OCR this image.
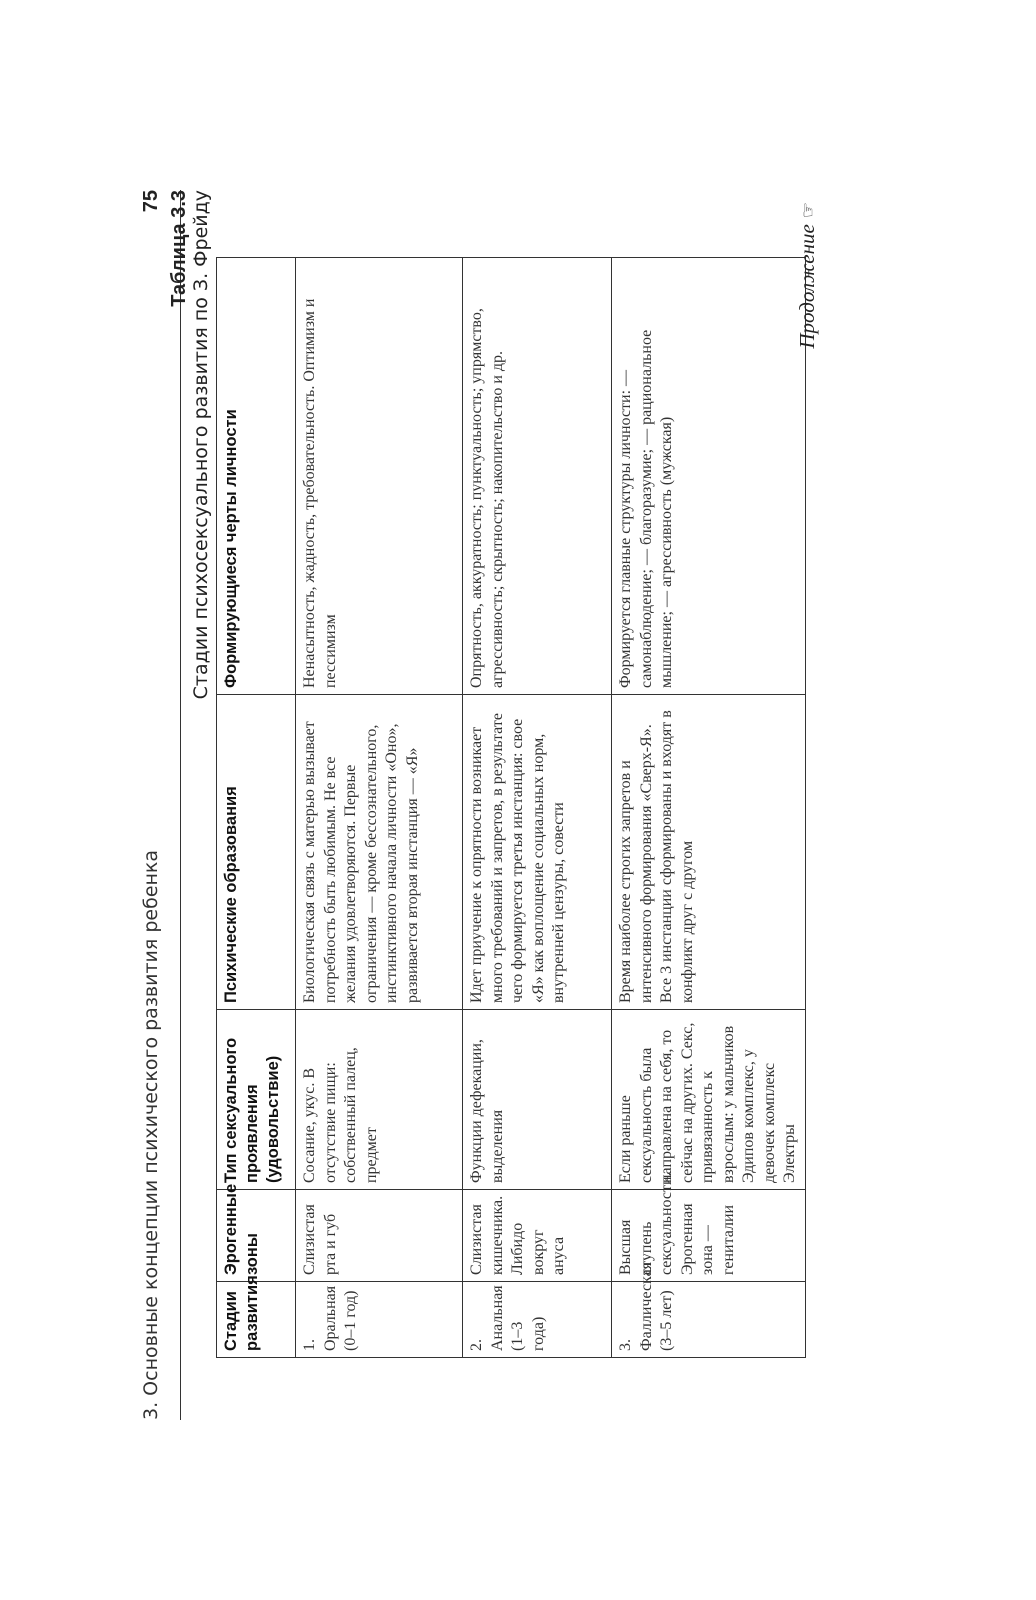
3. Основные концепции психического развития ребенка
75 Таблица 3.3 Стадии психосексуального развития по З. Фрейду
Стадии развития	Эрогенные зоны	Тип сексуального проявления (удовольствие)	Психические образования	Формирующиеся черты личности
1. Оральная (0–1 год)	Слизистая рта и губ	Сосание, укус. В отсутствие пищи: собственный палец, предмет	Биологическая связь с матерью вызывает потребность быть любимым. Не все желания удовлетворяются. Первые ограничения — кроме бессознательного, инстинктивного начала личности «Оно», развивается вторая инстанция — «Я»	Ненасытность, жадность, требовательность. Оптимизм и пессимизм
2. Анальная (1–3 года)	Слизистая кишечника. Либидо вокруг ануса	Функции дефекации, выделения	Идет приучение к опрятности возникает много требований и запретов, в результате чего формируется третья инстанция: свое «Я» как воплощение социальных норм, внутренней цензуры, совести	Опрятность, аккуратность; пунктуальность; упрямство, агрессивность; скрытность; накопительство и др.
3. Фаллическая (3–5 лет)	Высшая ступень сексуальности. Эрогенная зона — гениталии	Если раньше сексуальность была направлена на себя, то сейчас на других. Секс, привязанность к взрослым: у мальчиков Эдипов комплекс, у девочек комплекс Электры	Время наиболее строгих запретов и интенсивного формирования «Сверх-Я». Все 3 инстанции сформированы и входят в конфликт друг с другом	Формируется главные структуры личности: — самонаблюдение; — благоразумие; — рациональное мышление; — агрессивность (мужская)
Продолжение☞
